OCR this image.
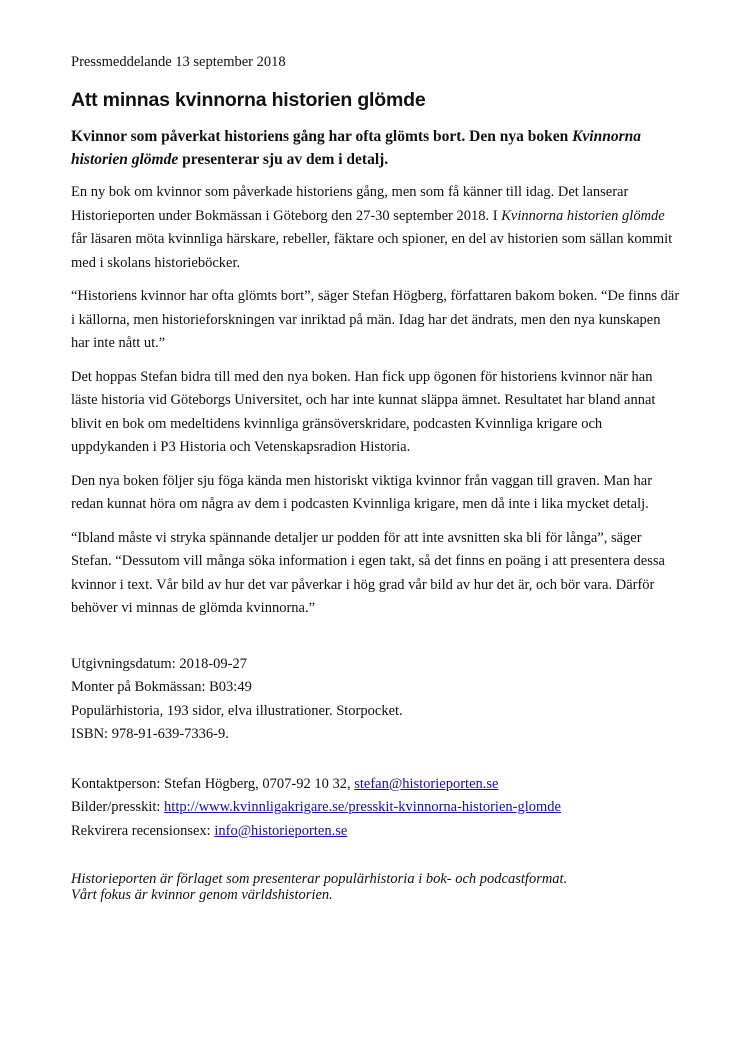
Pressmeddelande 13 september 2018

Att minnas kvinnorna historien glömde

Kvinnor som påverkat historiens gång har ofta glömts bort. Den nya boken Kvinnorna historien glömde presenterar sju av dem i detalj.

En ny bok om kvinnor som påverkade historiens gång, men som få känner till idag. Det lanserar Historieporten under Bokmässan i Göteborg den 27-30 september 2018. I Kvinnorna historien glömde får läsaren möta kvinnliga härskare, rebeller, fäktare och spioner, en del av historien som sällan kommit med i skolans historieböcker.

“Historiens kvinnor har ofta glömts bort”, säger Stefan Högberg, författaren bakom boken. “De finns där i källorna, men historieforskningen var inriktad på män. Idag har det ändrats, men den nya kunskapen har inte nått ut.”

Det hoppas Stefan bidra till med den nya boken. Han fick upp ögonen för historiens kvinnor när han läste historia vid Göteborgs Universitet, och har inte kunnat släppa ämnet. Resultatet har bland annat blivit en bok om medeltidens kvinnliga gränsöverskridare, podcasten Kvinnliga krigare och uppdykanden i P3 Historia och Vetenskapsradion Historia.

Den nya boken följer sju föga kända men historiskt viktiga kvinnor från vaggan till graven. Man har redan kunnat höra om några av dem i podcasten Kvinnliga krigare, men då inte i lika mycket detalj.

“Ibland måste vi stryka spännande detaljer ur podden för att inte avsnitten ska bli för långa”, säger Stefan. “Dessutom vill många söka information i egen takt, så det finns en poäng i att presentera dessa kvinnor i text. Vår bild av hur det var påverkar i hög grad vår bild av hur det är, och bör vara. Därför behöver vi minnas de glömda kvinnorna.”

Utgivningsdatum: 2018-09-27
Monter på Bokmässan: B03:49
Populärhistoria, 193 sidor, elva illustrationer. Storpocket.
ISBN: 978-91-639-7336-9.
Kontaktperson: Stefan Högberg, 0707-92 10 32, stefan@historieporten.se
Bilder/presskit: http://www.kvinnligakrigare.se/presskit-kvinnorna-historien-glomde
Rekvirera recensionsex: info@historieporten.se
Historieporten är förlaget som presenterar populärhistoria i bok- och podcastformat.
Vårt fokus är kvinnor genom världshistorien.
